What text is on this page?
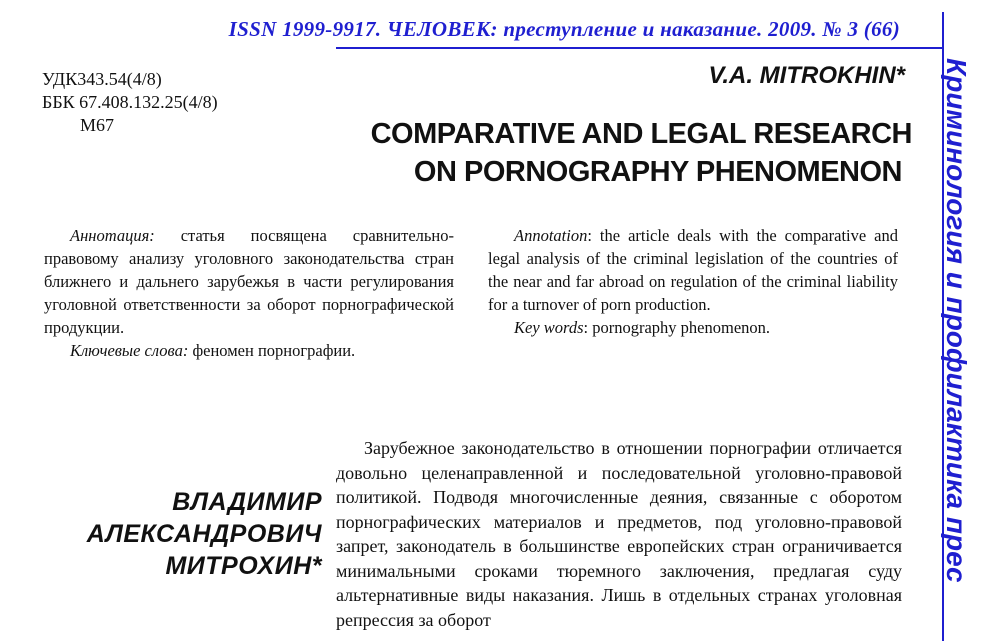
ISSN 1999-9917. ЧЕЛОВЕК: преступление и наказание. 2009. № 3 (66)
Криминология и профилактика прес
УДК343.54(4/8)
ББК 67.408.132.25(4/8)
М67
V.A. MITROKHIN*
COMPARATIVE AND LEGAL RESEARCH
ON PORNOGRAPHY PHENOMENON

Аннотация: статья посвящена сравнительно-правовому анализу уголовного законодательства стран ближнего и дальнего зарубежья в части регулирования уголовной ответственности за оборот порнографической продукции.

Ключевые слова: феномен порнографии.

Annotation: the article deals with the comparative and legal analysis of the criminal legislation of the countries of the near and far abroad on regulation of the criminal liability for a turnover of porn production.

Key words: pornography phenomenon.

ВЛАДИМИР
АЛЕКСАНДРОВИЧ
МИТРОХИН*

Зарубежное законодательство в отношении порнографии отличается довольно целенаправленной и последовательной уголовно-правовой политикой. Подводя многочисленные деяния, связанные с оборотом порнографических материалов и предметов, под уголовно-правовой запрет, законодатель в большинстве европейских стран ограничивается минимальными сроками тюремного заключения, предлагая суду альтернативные виды наказания. Лишь в отдельных странах уголовная репрессия за оборот
